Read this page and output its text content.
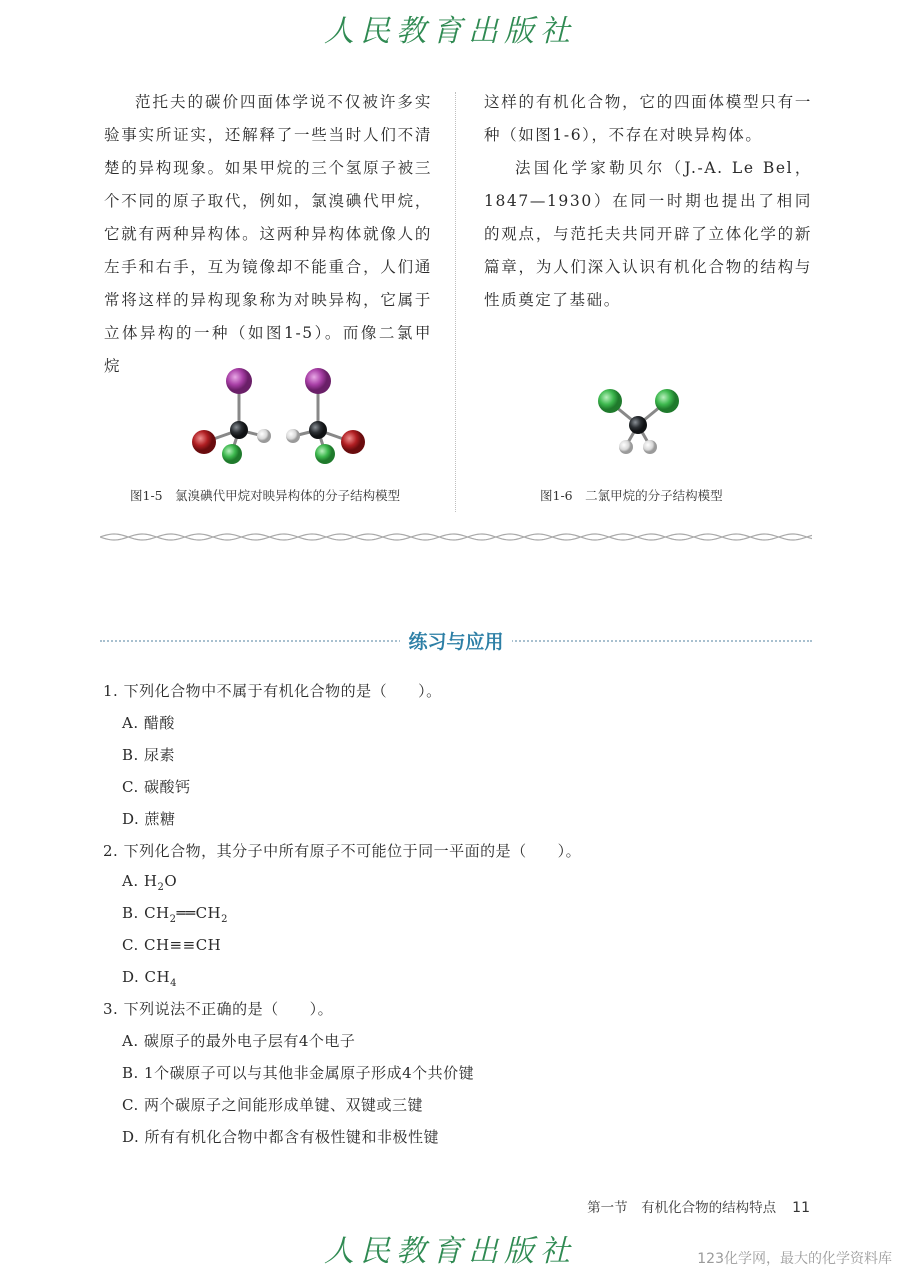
人民教育出版社

范托夫的碳价四面体学说不仅被许多实验事实所证实，还解释了一些当时人们不清楚的异构现象。如果甲烷的三个氢原子被三个不同的原子取代，例如，氯溴碘代甲烷，它就有两种异构体。这两种异构体就像人的左手和右手，互为镜像却不能重合，人们通常将这样的异构现象称为对映异构，它属于立体异构的一种（如图1-5）。而像二氯甲烷

这样的有机化合物，它的四面体模型只有一种（如图1-6），不存在对映异构体。

法国化学家勒贝尔（J.-A. Le Bel，1847—1930）在同一时期也提出了相同的观点，与范托夫共同开辟了立体化学的新篇章，为人们深入认识有机化合物的结构与性质奠定了基础。

图1-5　氯溴碘代甲烷对映异构体的分子结构模型	图1-6　二氯甲烷的分子结构模型
练习与应用
1. 下列化合物中不属于有机化合物的是（　　）。
A. 醋酸
B. 尿素
C. 碳酸钙
D. 蔗糖
2. 下列化合物，其分子中所有原子不可能位于同一平面的是（　　）。
A. $H_2O$
B. $CH_2══CH_2$
C. CH≡≡CH
D. $CH_4$
3. 下列说法不正确的是（　　）。
A. 碳原子的最外电子层有4个电子
B. 1个碳原子可以与其他非金属原子形成4个共价键
C. 两个碳原子之间能形成单键、双键或三键
D. 所有有机化合物中都含有极性键和非极性键
第一节　有机化合物的结构特点 11
人民教育出版社	123化学网，最大的化学资料库
